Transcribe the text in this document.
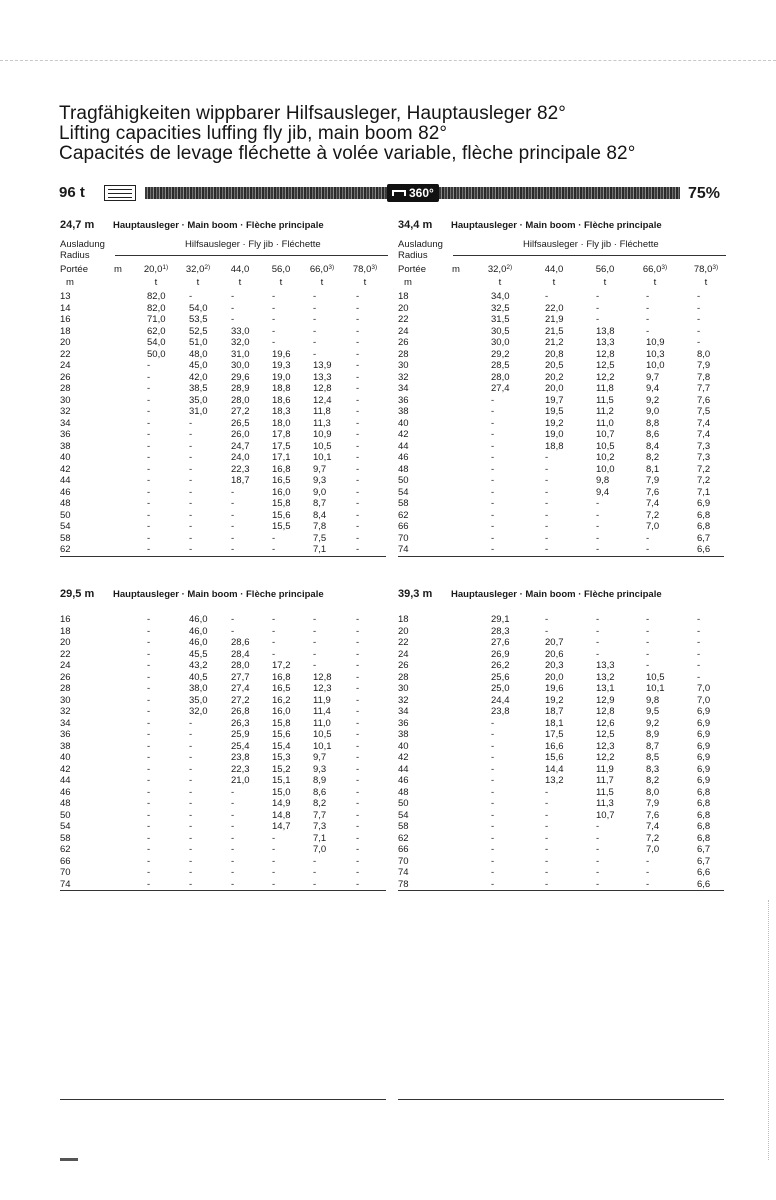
Tragfähigkeiten wippbarer Hilfsausleger, Hauptausleger 82°
Lifting capacities luffing fly jib, main boom 82°
Capacités de levage fléchette à volée variable, flèche principale 82°
96 t	360°	75%
24,7 m Hauptausleger · Main boom · Flèche principale
Ausladung
Radius
Hilfsausleger · Fly jib · Fléchette
Portée	m	20,0$^{1)}$	32,0$^{2)}$	44,0	56,0	66,0$^{3)}$	78,0$^{3)}$
m	t	t	t	t	t	t
13	82,0	-	-	-	-	-
14	82,0	54,0	-	-	-	-
16	71,0	53,5	-	-	-	-
18	62,0	52,5	33,0	-	-	-
20	54,0	51,0	32,0	-	-	-
22	50,0	48,0	31,0	19,6	-	-
24	-	45,0	30,0	19,3	13,9	-
26	-	42,0	29,6	19,0	13,3	-
28	-	38,5	28,9	18,8	12,8	-
30	-	35,0	28,0	18,6	12,4	-
32	-	31,0	27,2	18,3	11,8	-
34	-	-	26,5	18,0	11,3	-
36	-	-	26,0	17,8	10,9	-
38	-	-	24,7	17,5	10,5	-
40	-	-	24,0	17,1	10,1	-
42	-	-	22,3	16,8	9,7	-
44	-	-	18,7	16,5	9,3	-
46	-	-	-	16,0	9,0	-
48	-	-	-	15,8	8,7	-
50	-	-	-	15,6	8,4	-
54	-	-	-	15,5	7,8	-
58	-	-	-	-	7,5	-
62	-	-	-	-	7,1	-
34,4 m Hauptausleger · Main boom · Flèche principale
Ausladung
Radius
Hilfsausleger · Fly jib · Fléchette
Portée	m	32,0$^{2)}$	44,0	56,0	66,0$^{3)}$	78,0$^{3)}$
m	t	t	t	t	t
18	34,0	-	-	-	-
20	32,5	22,0	-	-	-
22	31,5	21,9	-	-	-
24	30,5	21,5	13,8	-	-
26	30,0	21,2	13,3	10,9	-
28	29,2	20,8	12,8	10,3	8,0
30	28,5	20,5	12,5	10,0	7,9
32	28,0	20,2	12,2	9,7	7,8
34	27,4	20,0	11,8	9,4	7,7
36	-	19,7	11,5	9,2	7,6
38	-	19,5	11,2	9,0	7,5
40	-	19,2	11,0	8,8	7,4
42	-	19,0	10,7	8,6	7,4
44	-	18,8	10,5	8,4	7,3
46	-	-	10,2	8,2	7,3
48	-	-	10,0	8,1	7,2
50	-	-	9,8	7,9	7,2
54	-	-	9,4	7,6	7,1
58	-	-	-	7,4	6,9
62	-	-	-	7,2	6,8
66	-	-	-	7,0	6,8
70	-	-	-	-	6,7
74	-	-	-	-	6,6
29,5 m Hauptausleger · Main boom · Flèche principale
16	-	46,0	-	-	-	-
18	-	46,0	-	-	-	-
20	-	46,0	28,6	-	-	-
22	-	45,5	28,4	-	-	-
24	-	43,2	28,0	17,2	-	-
26	-	40,5	27,7	16,8	12,8	-
28	-	38,0	27,4	16,5	12,3	-
30	-	35,0	27,2	16,2	11,9	-
32	-	32,0	26,8	16,0	11,4	-
34	-	-	26,3	15,8	11,0	-
36	-	-	25,9	15,6	10,5	-
38	-	-	25,4	15,4	10,1	-
40	-	-	23,8	15,3	9,7	-
42	-	-	22,3	15,2	9,3	-
44	-	-	21,0	15,1	8,9	-
46	-	-	-	15,0	8,6	-
48	-	-	-	14,9	8,2	-
50	-	-	-	14,8	7,7	-
54	-	-	-	14,7	7,3	-
58	-	-	-	-	7,1	-
62	-	-	-	-	7,0	-
66	-	-	-	-	-	-
70	-	-	-	-	-	-
74	-	-	-	-	-	-
39,3 m Hauptausleger · Main boom · Flèche principale
18	29,1	-	-	-	-
20	28,3	-	-	-	-
22	27,6	20,7	-	-	-
24	26,9	20,6	-	-	-
26	26,2	20,3	13,3	-	-
28	25,6	20,0	13,2	10,5	-
30	25,0	19,6	13,1	10,1	7,0
32	24,4	19,2	12,9	9,8	7,0
34	23,8	18,7	12,8	9,5	6,9
36	-	18,1	12,6	9,2	6,9
38	-	17,5	12,5	8,9	6,9
40	-	16,6	12,3	8,7	6,9
42	-	15,6	12,2	8,5	6,9
44	-	14,4	11,9	8,3	6,9
46	-	13,2	11,7	8,2	6,9
48	-	-	11,5	8,0	6,8
50	-	-	11,3	7,9	6,8
54	-	-	10,7	7,6	6,8
58	-	-	-	7,4	6,8
62	-	-	-	7,2	6,8
66	-	-	-	7,0	6,7
70	-	-	-	-	6,7
74	-	-	-	-	6,6
78	-	-	-	-	6,6
